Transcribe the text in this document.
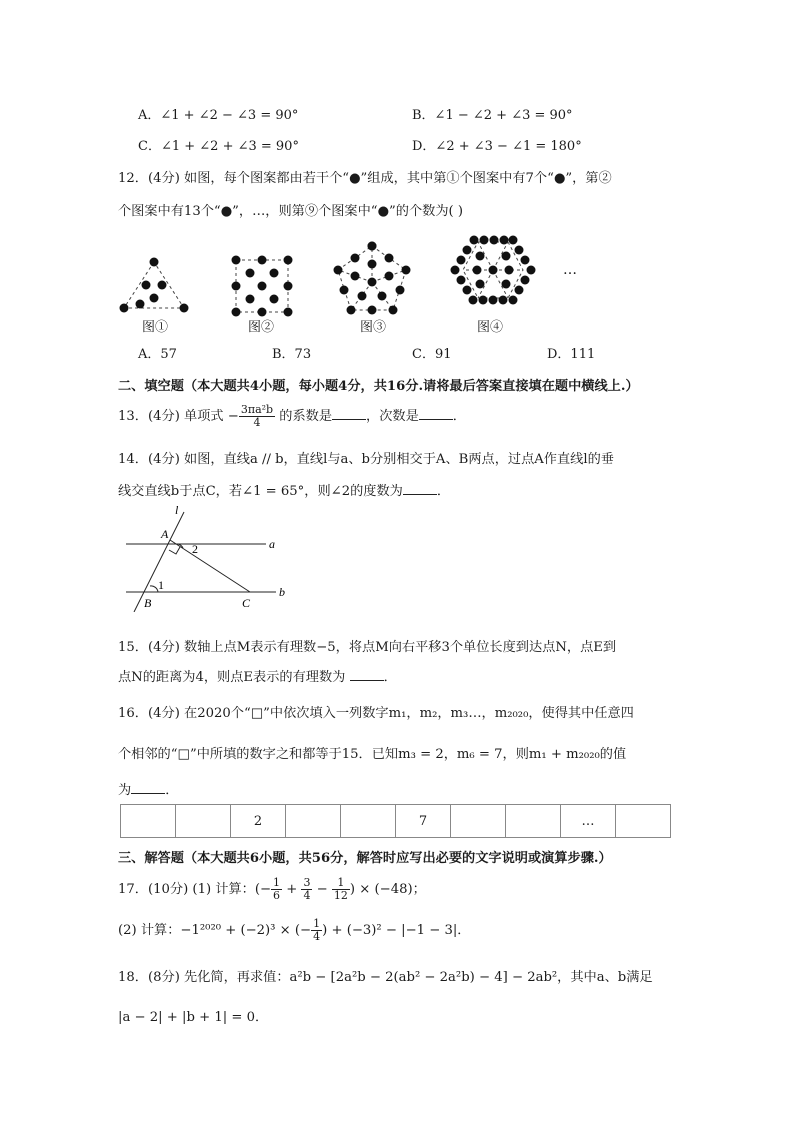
A．∠1 + ∠2 − ∠3 = 90°	B．∠1 − ∠2 + ∠3 = 90°
C．∠1 + ∠2 + ∠3 = 90°	D．∠2 + ∠3 − ∠1 = 180°
12．(4分) 如图，每个图案都由若干个“●”组成，其中第①个图案中有7个“●”，第②
个图案中有13个“●”，…，则第⑨个图案中“●”的个数为( )
…
图①	图②	图③	图④
A．57	B．73	C．91	D．111
二、填空题（本大题共4小题，每小题4分，共16分.请将最后答案直接填在题中横线上.）
13．(4分) 单项式 − $\frac{\text{3πa²b}}{4}$ 的系数是	，次数是	．
14．(4分) 如图，直线a // b，直线l与a、b分别相交于A、B两点，过点A作直线l的垂
线交直线b于点C，若∠1 = 65°，则∠2的度数为	．
l
a
b
A
B	C
1
2
15．(4分) 数轴上点M表示有理数−5，将点M向右平移3个单位长度到达点N，点E到
点N的距离为4，则点E表示的有理数为	．
16．(4分) 在2020个“□”中依次填入一列数字m₁，m₂，m₃…，m₂₀₂₀，使得其中任意四
个相邻的“□”中所填的数字之和都等于15．已知m₃ = 2，m₆ = 7，则m₁ + m₂₀₂₀的值
为	．
		2			7			…	
三、解答题（本大题共6小题，共56分，解答时应写出必要的文字说明或演算步骤.）
17．(10分) (1) 计算：(− $\frac{1}{6} + \frac{3}{4} - \frac{1}{12}$ ) × (−48)；
(2) 计算：−1²⁰²⁰ + (−2)³ × (− $\frac{1}{4}$ ) + (−3)² − |−1 − 3|．
18．(8分) 先化简，再求值：a²b − [2a²b − 2(ab² − 2a²b) − 4] − 2ab²，其中a、b满足
|a − 2| + |b + 1| = 0．
